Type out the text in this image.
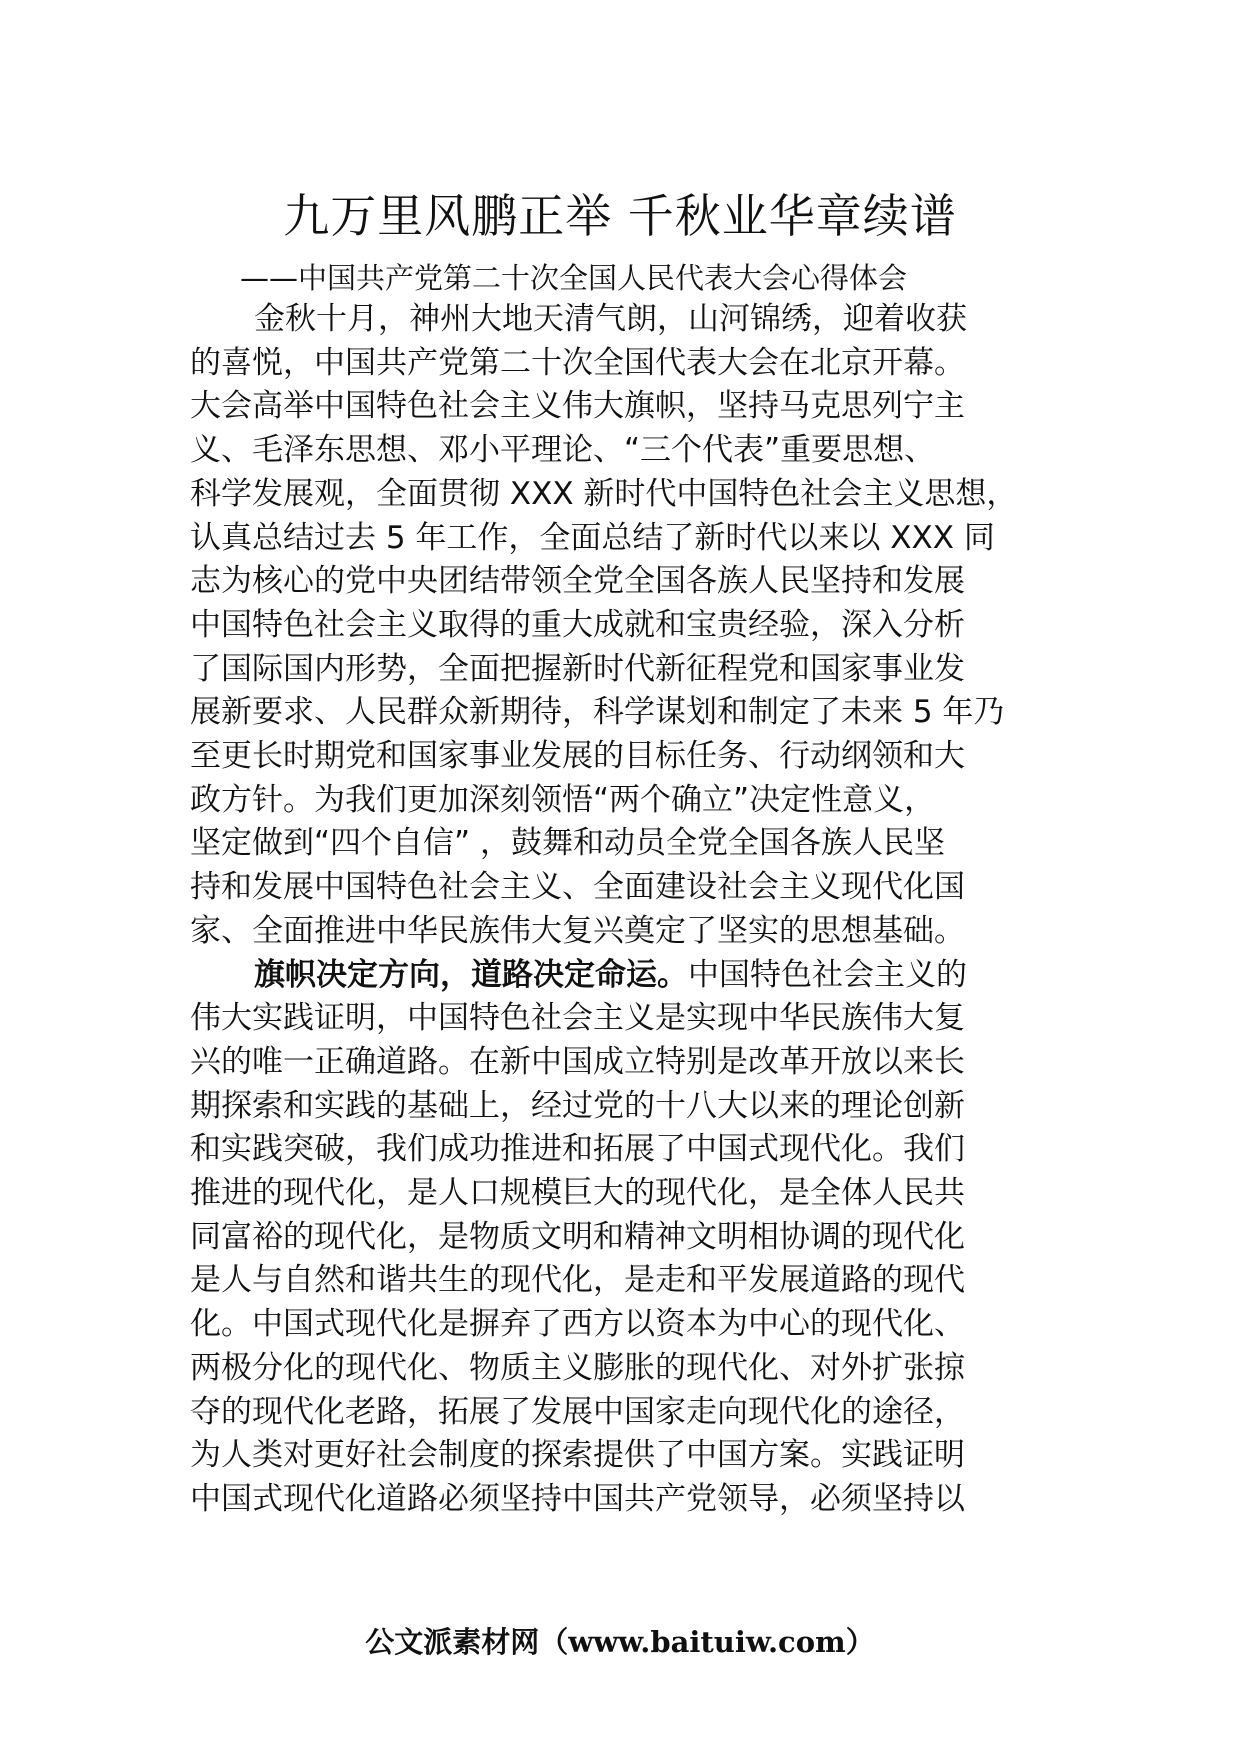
九万里风鹏正举 千秋业华章续谱
——中国共产党第二十次全国人民代表大会心得体会
金秋十月，神州大地天清气朗，山河锦绣，迎着收获
的喜悦，中国共产党第二十次全国代表大会在北京开幕。
大会高举中国特色社会主义伟大旗帜，坚持马克思列宁主
义、毛泽东思想、邓小平理论、“三个代表”重要思想、
科学发展观，全面贯彻 XXX 新时代中国特色社会主义思想，
认真总结过去 5 年工作，全面总结了新时代以来以 XXX 同
志为核心的党中央团结带领全党全国各族人民坚持和发展
中国特色社会主义取得的重大成就和宝贵经验，深入分析
了国际国内形势，全面把握新时代新征程党和国家事业发
展新要求、人民群众新期待，科学谋划和制定了未来 5 年乃
至更长时期党和国家事业发展的目标任务、行动纲领和大
政方针。为我们更加深刻领悟“两个确立”决定性意义，
坚定做到“四个自信” ，鼓舞和动员全党全国各族人民坚
持和发展中国特色社会主义、全面建设社会主义现代化国
家、全面推进中华民族伟大复兴奠定了坚实的思想基础。
旗帜决定方向，道路决定命运。中国特色社会主义的
伟大实践证明，中国特色社会主义是实现中华民族伟大复
兴的唯一正确道路。在新中国成立特别是改革开放以来长
期探索和实践的基础上，经过党的十八大以来的理论创新
和实践突破，我们成功推进和拓展了中国式现代化。我们
推进的现代化，是人口规模巨大的现代化，是全体人民共
同富裕的现代化，是物质文明和精神文明相协调的现代化
是人与自然和谐共生的现代化，是走和平发展道路的现代
化。中国式现代化是摒弃了西方以资本为中心的现代化、
两极分化的现代化、物质主义膨胀的现代化、对外扩张掠
夺的现代化老路，拓展了发展中国家走向现代化的途径，
为人类对更好社会制度的探索提供了中国方案。实践证明
中国式现代化道路必须坚持中国共产党领导，必须坚持以
公文派素材网（www.baituiw.com）
